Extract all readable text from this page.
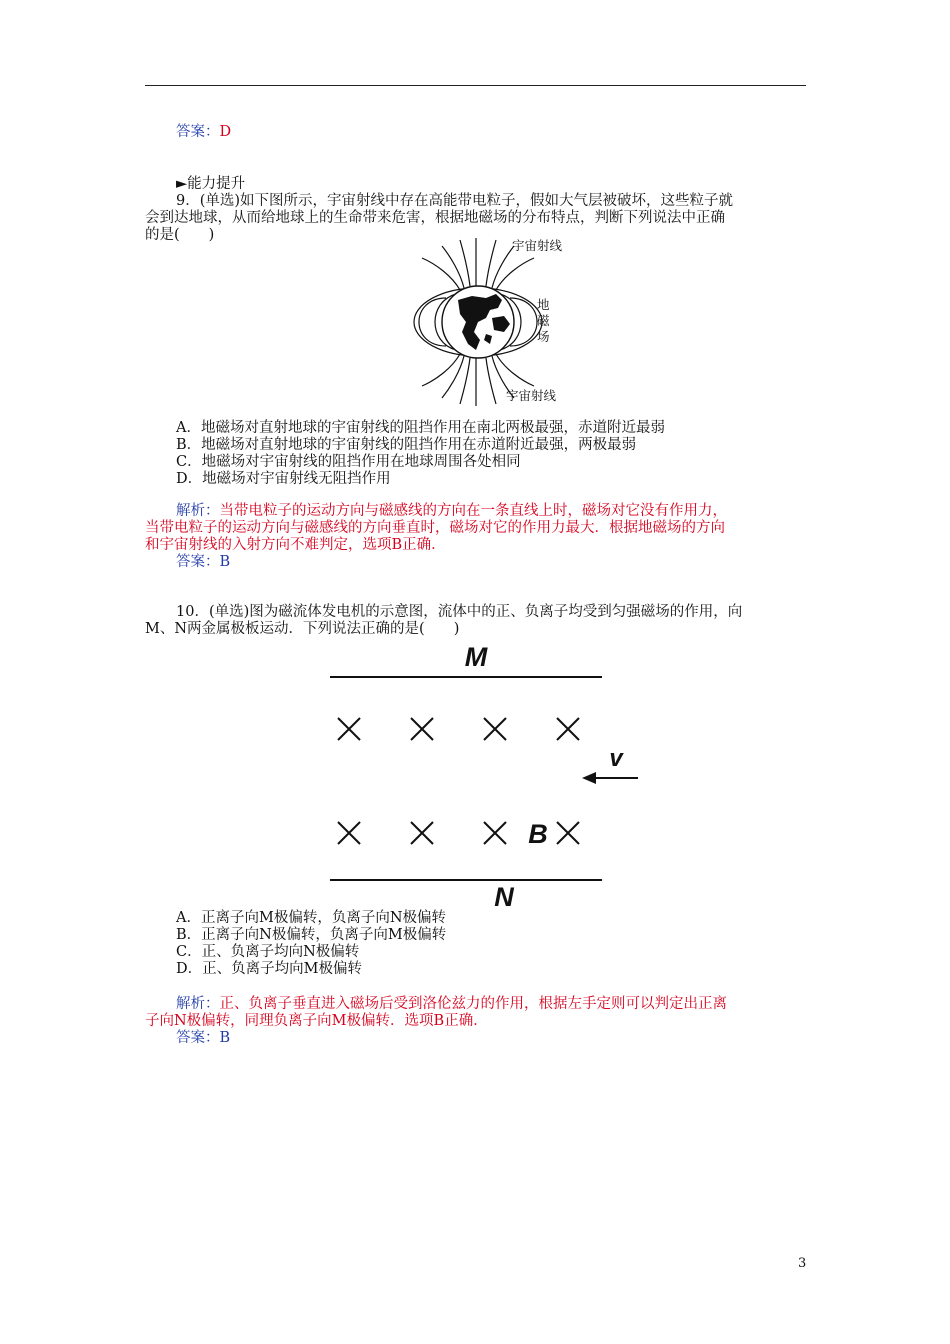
答案：D
►能力提升

9．(单选)如下图所示，宇宙射线中存在高能带电粒子，假如大气层被破坏，这些粒子就

会到达地球，从而给地球上的生命带来危害，根据地磁场的分布特点，判断下列说法中正确

的是(　　)

宇宙射线
地
磁
场
宇宙射线

A．地磁场对直射地球的宇宙射线的阻挡作用在南北两极最强，赤道附近最弱

B．地磁场对直射地球的宇宙射线的阻挡作用在赤道附近最强，两极最弱

C．地磁场对宇宙射线的阻挡作用在地球周围各处相同

D．地磁场对宇宙射线无阻挡作用

解析：当带电粒子的运动方向与磁感线的方向在一条直线上时，磁场对它没有作用力，

当带电粒子的运动方向与磁感线的方向垂直时，磁场对它的作用力最大．根据地磁场的方向

和宇宙射线的入射方向不难判定，选项B正确．

答案：B

10．(单选)图为磁流体发电机的示意图，流体中的正、负离子均受到匀强磁场的作用，向

M、N两金属极板运动．下列说法正确的是(　　)

M
v
B
N

A．正离子向M极偏转，负离子向N极偏转

B．正离子向N极偏转，负离子向M极偏转

C．正、负离子均向N极偏转

D．正、负离子均向M极偏转

解析：正、负离子垂直进入磁场后受到洛伦兹力的作用，根据左手定则可以判定出正离

子向N极偏转，同理负离子向M极偏转．选项B正确．

答案：B
3
